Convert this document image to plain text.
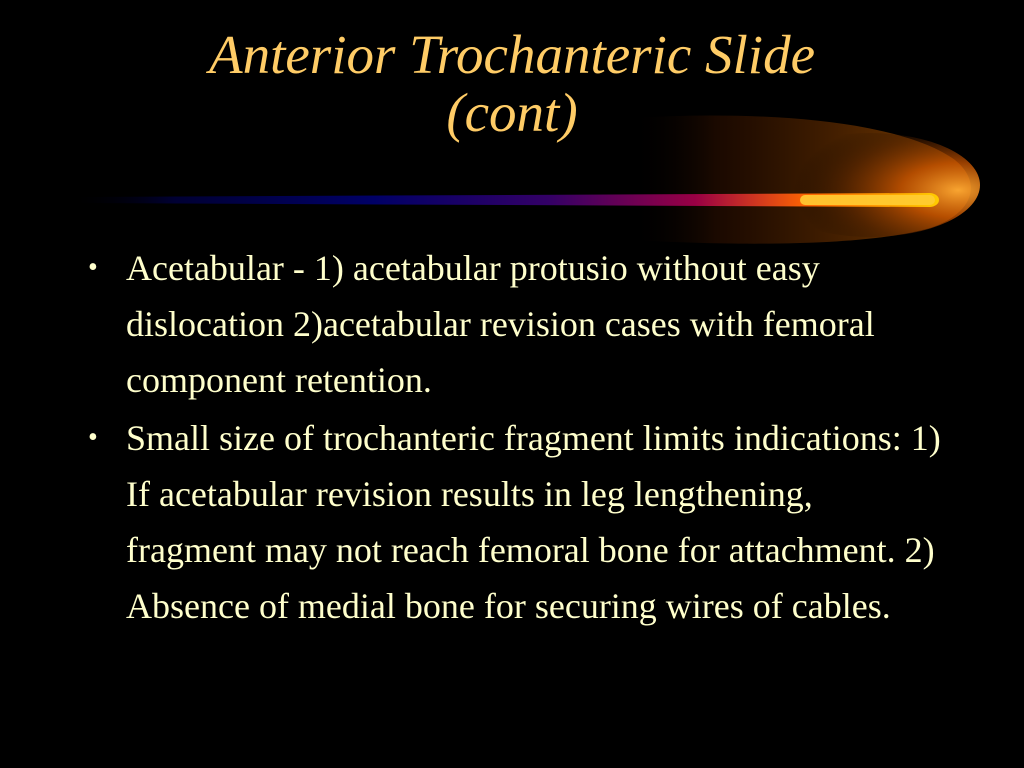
Anterior Trochanteric Slide
(cont)
• Acetabular - 1) acetabular protusio without easy dislocation 2)acetabular revision cases with femoral component retention.
• Small size of trochanteric fragment limits indications: 1) If acetabular revision results in leg lengthening, fragment may not reach femoral bone for attachment. 2) Absence of medial bone for securing wires of cables.
